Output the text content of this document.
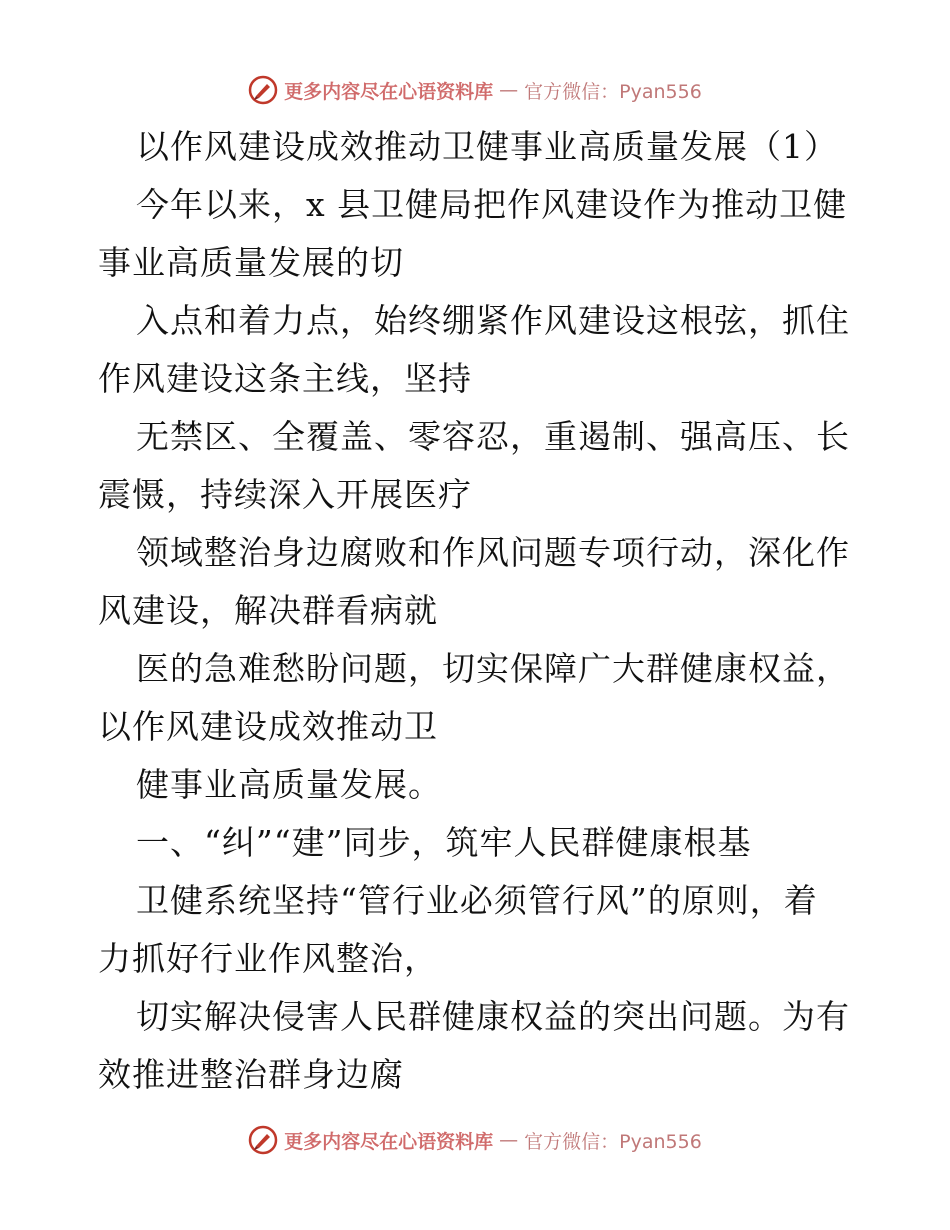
更多内容尽在心语资料库 — 官方微信：Pyan556
以作风建设成效推动卫健事业高质量发展（1）
今年以来，x 县卫健局把作风建设作为推动卫健
事业高质量发展的切
入点和着力点，始终绷紧作风建设这根弦，抓住
作风建设这条主线，坚持
无禁区、全覆盖、零容忍，重遏制、强高压、长
震慑，持续深入开展医疗
领域整治身边腐败和作风问题专项行动，深化作
风建设，解决群看病就
医的急难愁盼问题，切实保障广大群健康权益，
以作风建设成效推动卫
健事业高质量发展。
一、“纠”“建”同步，筑牢人民群健康根基
卫健系统坚持“管行业必须管行风”的原则，着
力抓好行业作风整治，
切实解决侵害人民群健康权益的突出问题。为有
效推进整治群身边腐
更多内容尽在心语资料库 — 官方微信：Pyan556
